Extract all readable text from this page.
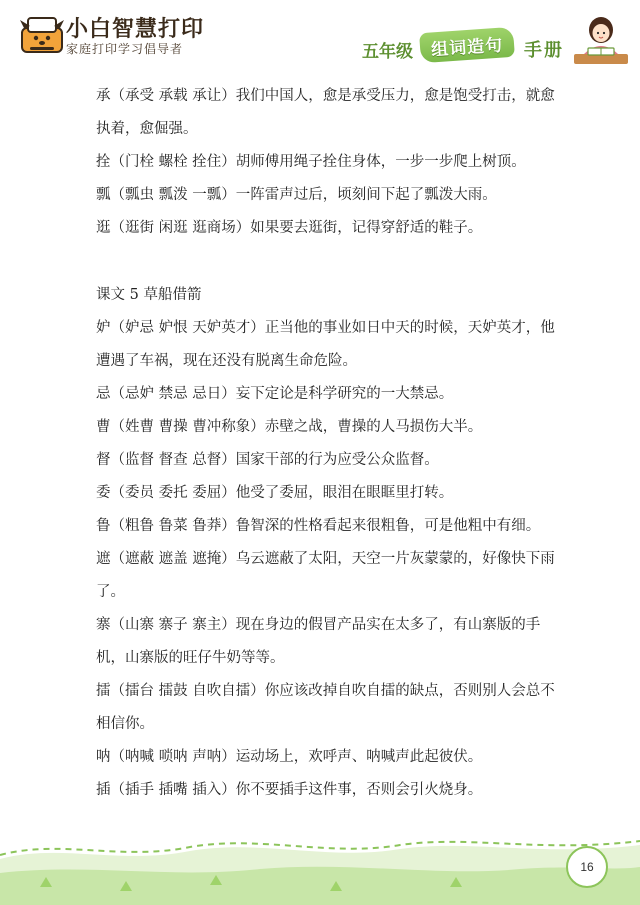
小白智慧打印
家庭打印学习倡导者	五年级 组词造句 手册

承（承受 承载 承让）我们中国人，愈是承受压力，愈是饱受打击，就愈执着，愈倔强。

拴（门栓 螺栓 拴住）胡师傅用绳子拴住身体，一步一步爬上树顶。

瓢（瓢虫 瓢泼 一瓢）一阵雷声过后，顷刻间下起了瓢泼大雨。

逛（逛街 闲逛 逛商场）如果要去逛街，记得穿舒适的鞋子。

课文 5 草船借箭

妒（妒忌 妒恨 天妒英才）正当他的事业如日中天的时候，天妒英才，他遭遇了车祸，现在还没有脱离生命危险。

忌（忌妒 禁忌 忌日）妄下定论是科学研究的一大禁忌。

曹（姓曹 曹操 曹冲称象）赤壁之战，曹操的人马损伤大半。

督（监督 督查 总督）国家干部的行为应受公众监督。

委（委员 委托 委屈）他受了委屈，眼泪在眼眶里打转。

鲁（粗鲁 鲁菜 鲁莽）鲁智深的性格看起来很粗鲁，可是他粗中有细。

遮（遮蔽 遮盖 遮掩）乌云遮蔽了太阳，天空一片灰蒙蒙的，好像快下雨了。

寨（山寨 寨子 寨主）现在身边的假冒产品实在太多了，有山寨版的手机，山寨版的旺仔牛奶等等。

擂（擂台 擂鼓 自吹自擂）你应该改掉自吹自擂的缺点，否则别人会总不相信你。

呐（呐喊 唢呐 声呐）运动场上，欢呼声、呐喊声此起彼伏。

插（插手 插嘴 插入）你不要插手这件事，否则会引火烧身。

16
